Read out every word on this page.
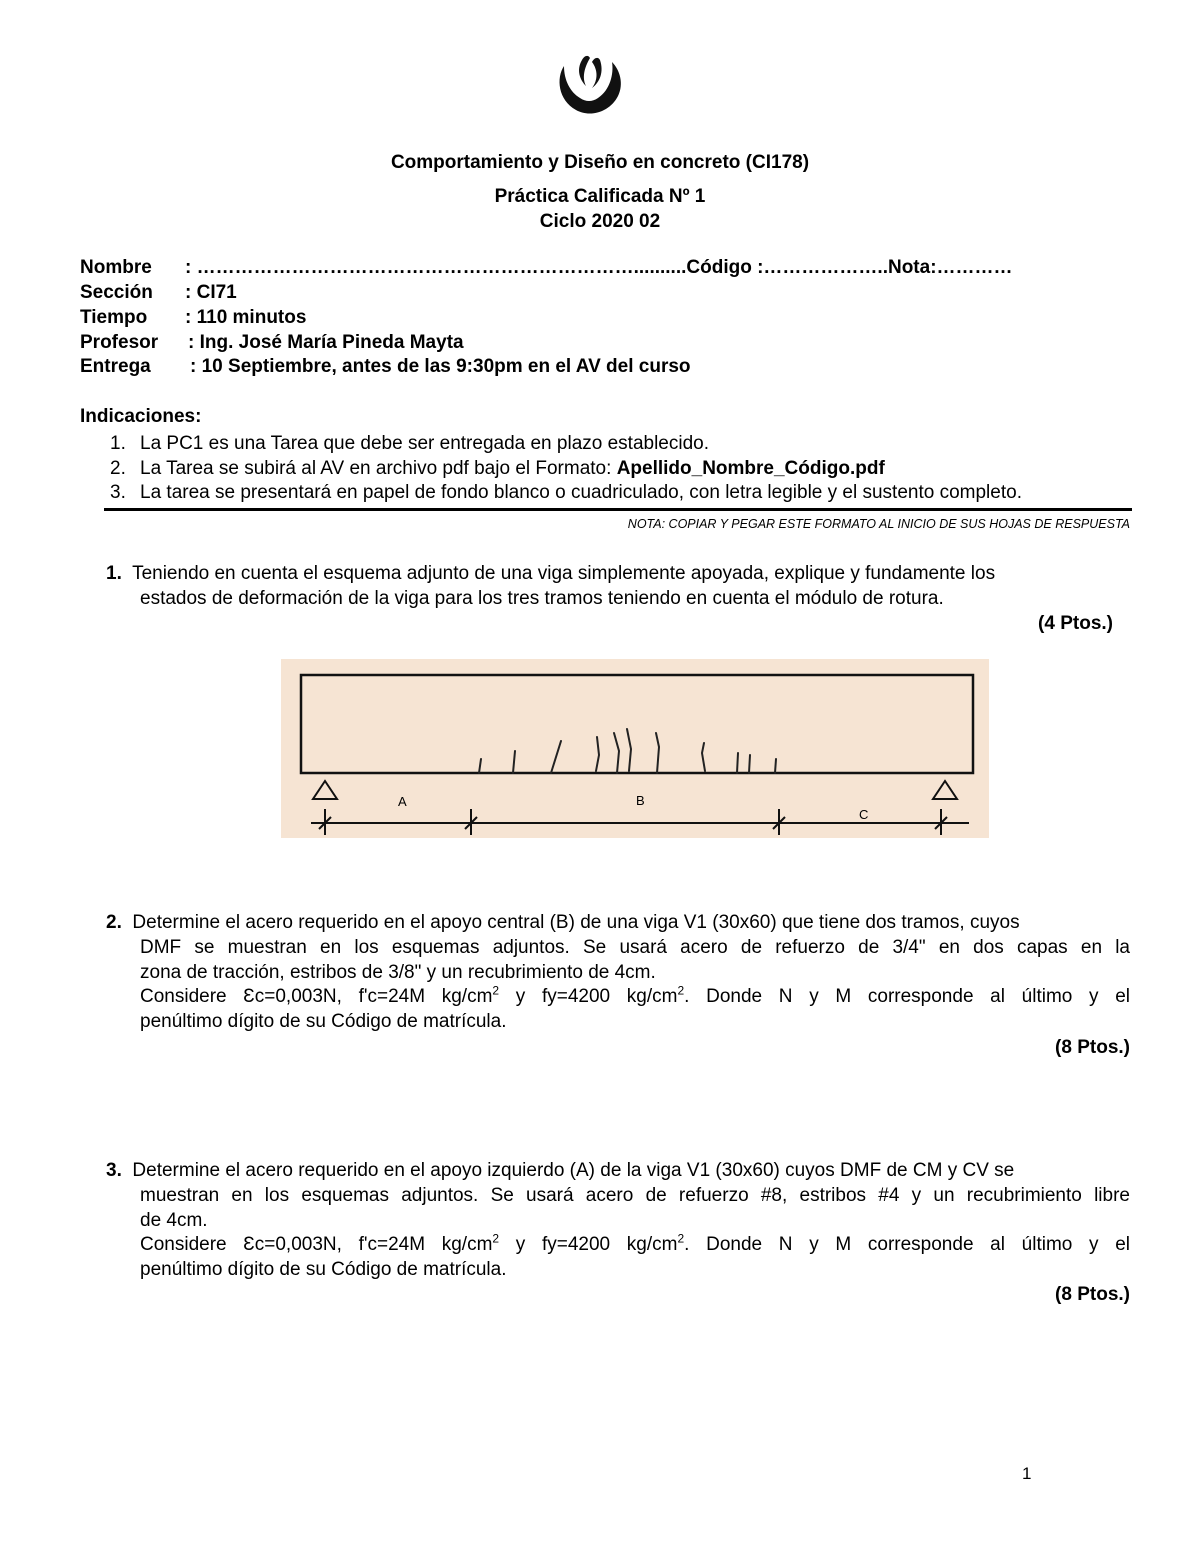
Comportamiento y Diseño en concreto (CI178)
Práctica Calificada Nº 1
Ciclo 2020 02
Nombre : ……………………………………………………………..........Código :………………..Nota:…………
Sección : CI71
Tiempo : 110 minutos
Profesor : Ing. José María Pineda Mayta
Entrega : 10 Septiembre, antes de las 9:30pm en el AV del curso
Indicaciones:
1. La PC1 es una Tarea que debe ser entregada en plazo establecido.
2. La Tarea se subirá al AV en archivo pdf bajo el Formato: Apellido_Nombre_Código.pdf
3. La tarea se presentará en papel de fondo blanco o cuadriculado, con letra legible y el sustento completo.
NOTA: COPIAR Y PEGAR ESTE FORMATO AL INICIO DE SUS HOJAS DE RESPUESTA
1. Teniendo en cuenta el esquema adjunto de una viga simplemente apoyada, explique y fundamente los
estados de deformación de la viga para los tres tramos teniendo en cuenta el módulo de rotura.
(4 Ptos.)
A	B
C
2. Determine el acero requerido en el apoyo central (B) de una viga V1 (30x60) que tiene dos tramos, cuyos
DMF se muestran en los esquemas adjuntos. Se usará acero de refuerzo de 3/4" en dos capas en la
zona de tracción, estribos de 3/8" y un recubrimiento de 4cm.
Considere Ɛc=0,003N, f'c=24M $kg/cm^2$ y fy=4200 $kg/cm^2$. Donde N y M corresponde al último y el
penúltimo dígito de su Código de matrícula.
(8 Ptos.)
3. Determine el acero requerido en el apoyo izquierdo (A) de la viga V1 (30x60) cuyos DMF de CM y CV se
muestran en los esquemas adjuntos. Se usará acero de refuerzo #8, estribos #4 y un recubrimiento libre
de 4cm.
Considere Ɛc=0,003N, f'c=24M $kg/cm^2$ y fy=4200 $kg/cm^2$. Donde N y M corresponde al último y el
penúltimo dígito de su Código de matrícula.
(8 Ptos.)
1
